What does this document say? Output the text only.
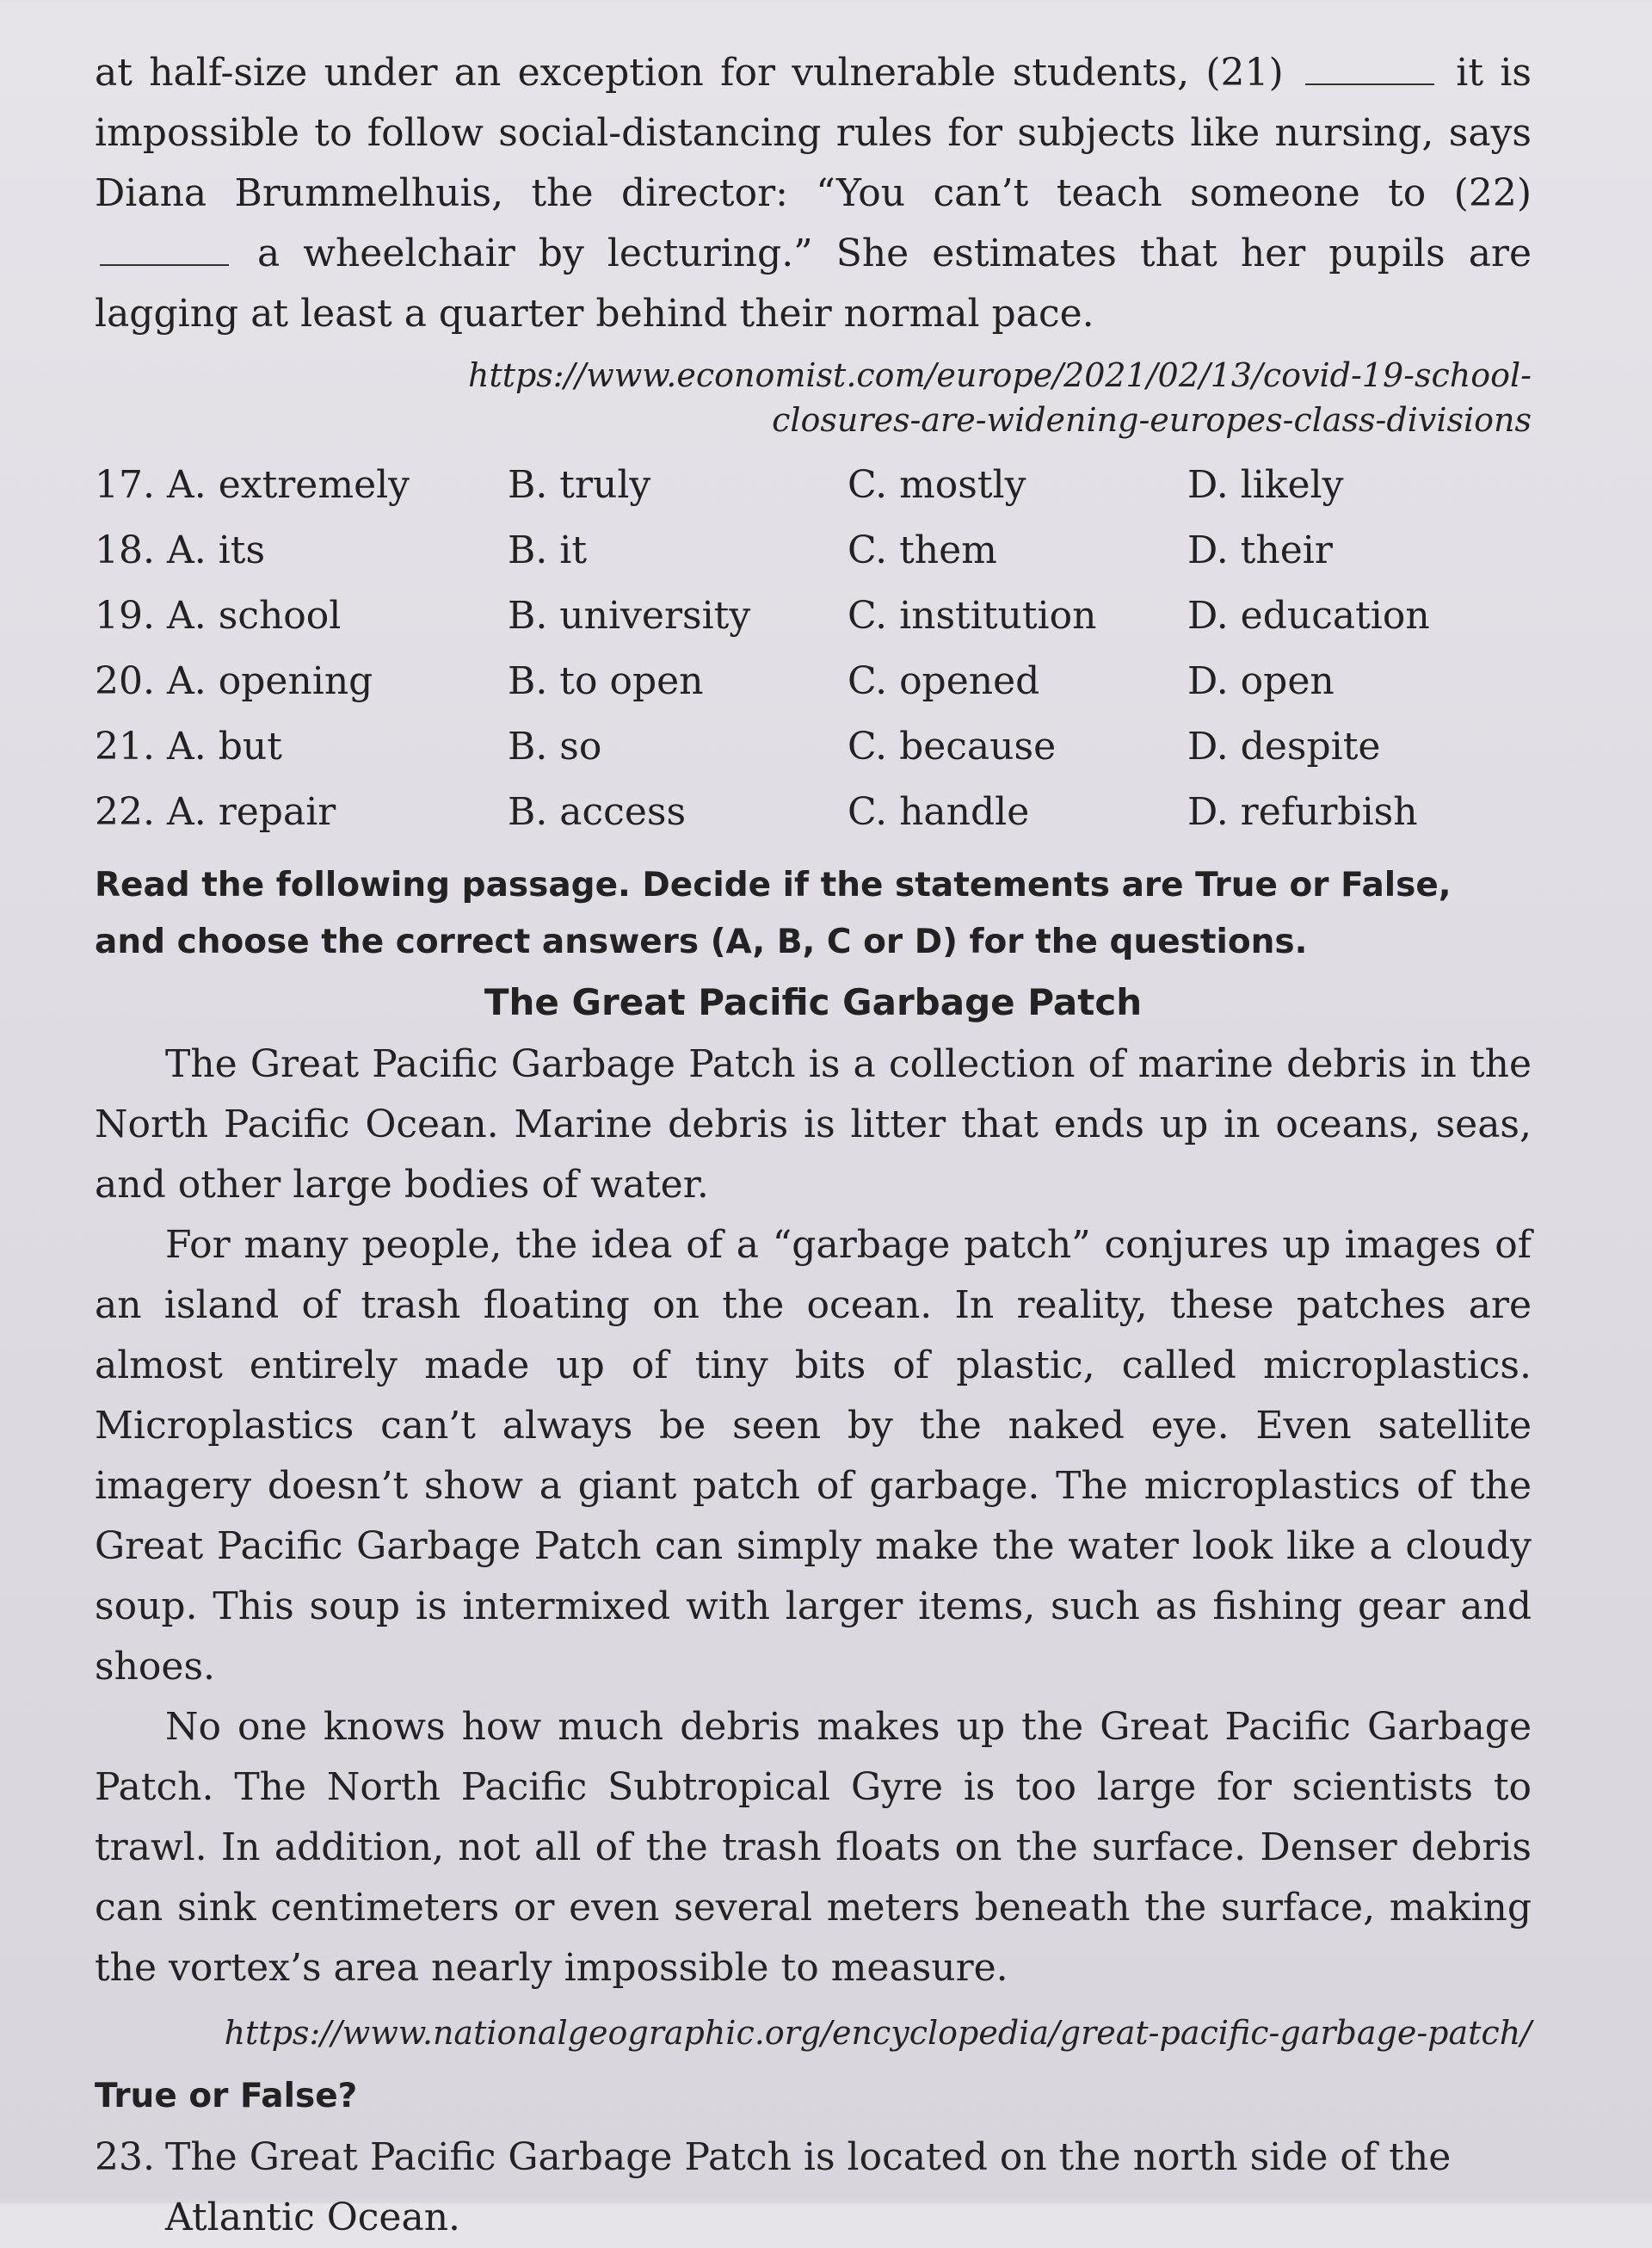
at half-size under an exception for vulnerable students, (21)	it is impossible to follow social-distancing rules for subjects like nursing, says Diana Brummelhuis, the director: “You can’t teach someone to (22)  a wheelchair by lecturing.” She estimates that her pupils are lagging at least a quarter behind their normal pace.

https://www.economist.com/europe/2021/02/13/covid-19-school-
closures-are-widening-europes-class-divisions
17. A. extremely	B. truly	C. mostly	D. likely
18. A. its	B. it	C. them	D. their
19. A. school	B. university	C. institution	D. education
20. A. opening	B. to open	C. opened	D. open
21. A. but	B. so	C. because	D. despite
22. A. repair	B. access	C. handle	D. refurbish

Read the following passage. Decide if the statements are True or False, and choose the correct answers (A, B, C or D) for the questions.

The Great Pacific Garbage Patch

The Great Pacific Garbage Patch is a collection of marine debris in the North Pacific Ocean. Marine debris is litter that ends up in oceans, seas, and other large bodies of water.

For many people, the idea of a “garbage patch” conjures up images of an island of trash floating on the ocean. In reality, these patches are almost entirely made up of tiny bits of plastic, called microplastics. Microplastics can’t always be seen by the naked eye. Even satellite imagery doesn’t show a giant patch of garbage. The microplastics of the Great Pacific Garbage Patch can simply make the water look like a cloudy soup. This soup is intermixed with larger items, such as fishing gear and shoes.

No one knows how much debris makes up the Great Pacific Garbage Patch. The North Pacific Subtropical Gyre is too large for scientists to trawl. In addition, not all of the trash floats on the surface. Denser debris can sink centimeters or even several meters beneath the surface, making the vortex’s area nearly impossible to measure.

https://www.nationalgeographic.org/encyclopedia/great-pacific-garbage-patch/

True or False?

23. The Great Pacific Garbage Patch is located on the north side of the Atlantic Ocean.
